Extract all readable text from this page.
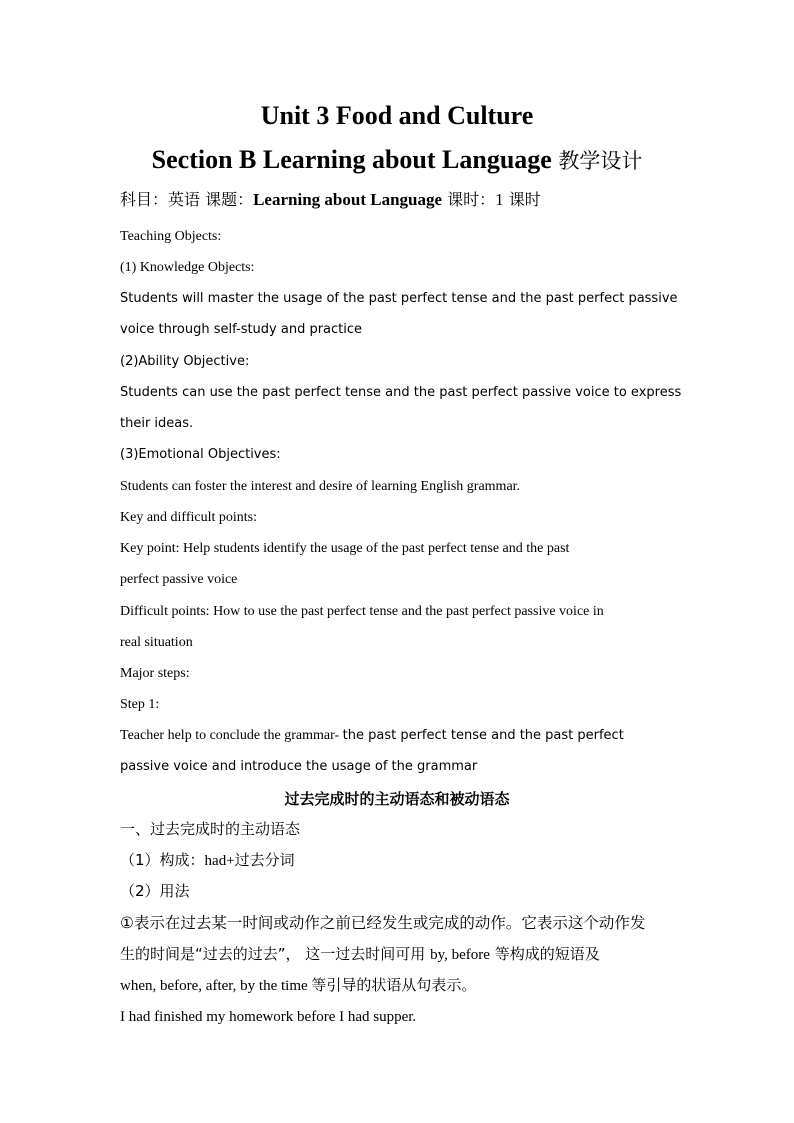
Unit 3 Food and Culture
Section B Learning about Language 教学设计
科目：英语 课题：Learning about Language 课时：1 课时
Teaching Objects:
(1) Knowledge Objects:
Students will master the usage of the past perfect tense and the past perfect passive
voice through self-study and practice
(2)Ability Objective:
Students can use the past perfect tense and the past perfect passive voice to express
their ideas.
(3)Emotional Objectives:
Students can foster the interest and desire of learning English grammar.
Key and difficult points:
Key point: Help students identify the usage of the past perfect tense and the past
perfect passive voice
Difficult points: How to use the past perfect tense and the past perfect passive voice in
real situation
Major steps:
Step 1:
Teacher help to conclude the grammar- the past perfect tense and the past perfect
passive voice and introduce the usage of the grammar
过去完成时的主动语态和被动语态
一、过去完成时的主动语态
（1）构成：had+过去分词
（2）用法
①表示在过去某一时间或动作之前已经发生或完成的动作。它表示这个动作发
生的时间是“过去的过去”， 这一过去时间可用 by, before 等构成的短语及
when, before, after, by the time 等引导的状语从句表示。
I had finished my homework before I had supper.
